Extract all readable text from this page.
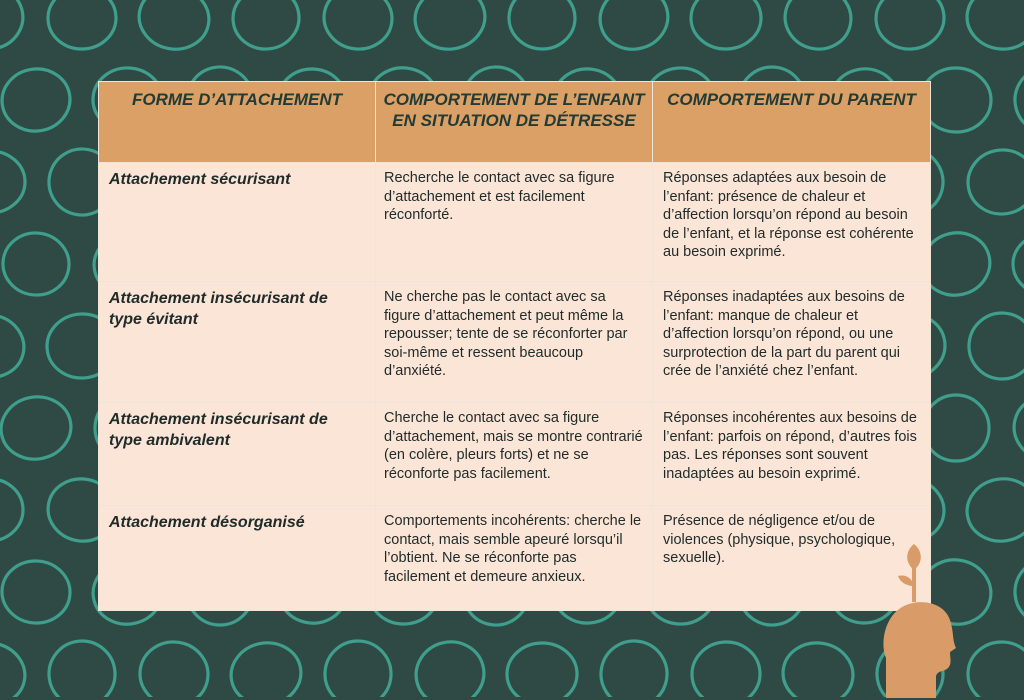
FORME D’ATTACHEMENT	COMPORTEMENT DE L’ENFANT EN SITUATION DE DÉTRESSE	COMPORTEMENT DU PARENT
Attachement sécurisant	Recherche le contact avec sa figure d’attachement et est facilement réconforté.	Réponses adaptées aux besoin de l’enfant: présence de chaleur et d’affection lorsqu’on répond au besoin de l’enfant, et la réponse est cohérente au besoin exprimé.
Attachement insécurisant de type évitant	Ne cherche pas le contact avec sa figure d’attachement et peut même la repousser; tente de se réconforter par soi-même et ressent beaucoup d’anxiété.	Réponses inadaptées aux besoins de l’enfant: manque de chaleur et d’affection lorsqu’on répond, ou une surprotection de la part du parent qui crée de l’anxiété chez l’enfant.
Attachement insécurisant de type ambivalent	Cherche le contact avec sa figure d’attachement, mais se montre contrarié (en colère, pleurs forts) et ne se réconforte pas facilement.	Réponses incohérentes aux besoins de l’enfant: parfois on répond, d’autres fois pas. Les réponses sont souvent inadaptées au besoin exprimé.
Attachement désorganisé	Comportements incohérents: cherche le contact, mais semble apeuré lorsqu’il l’obtient. Ne se réconforte pas facilement et demeure anxieux.	Présence de négligence et/ou de violences (physique, psychologique, sexuelle).
